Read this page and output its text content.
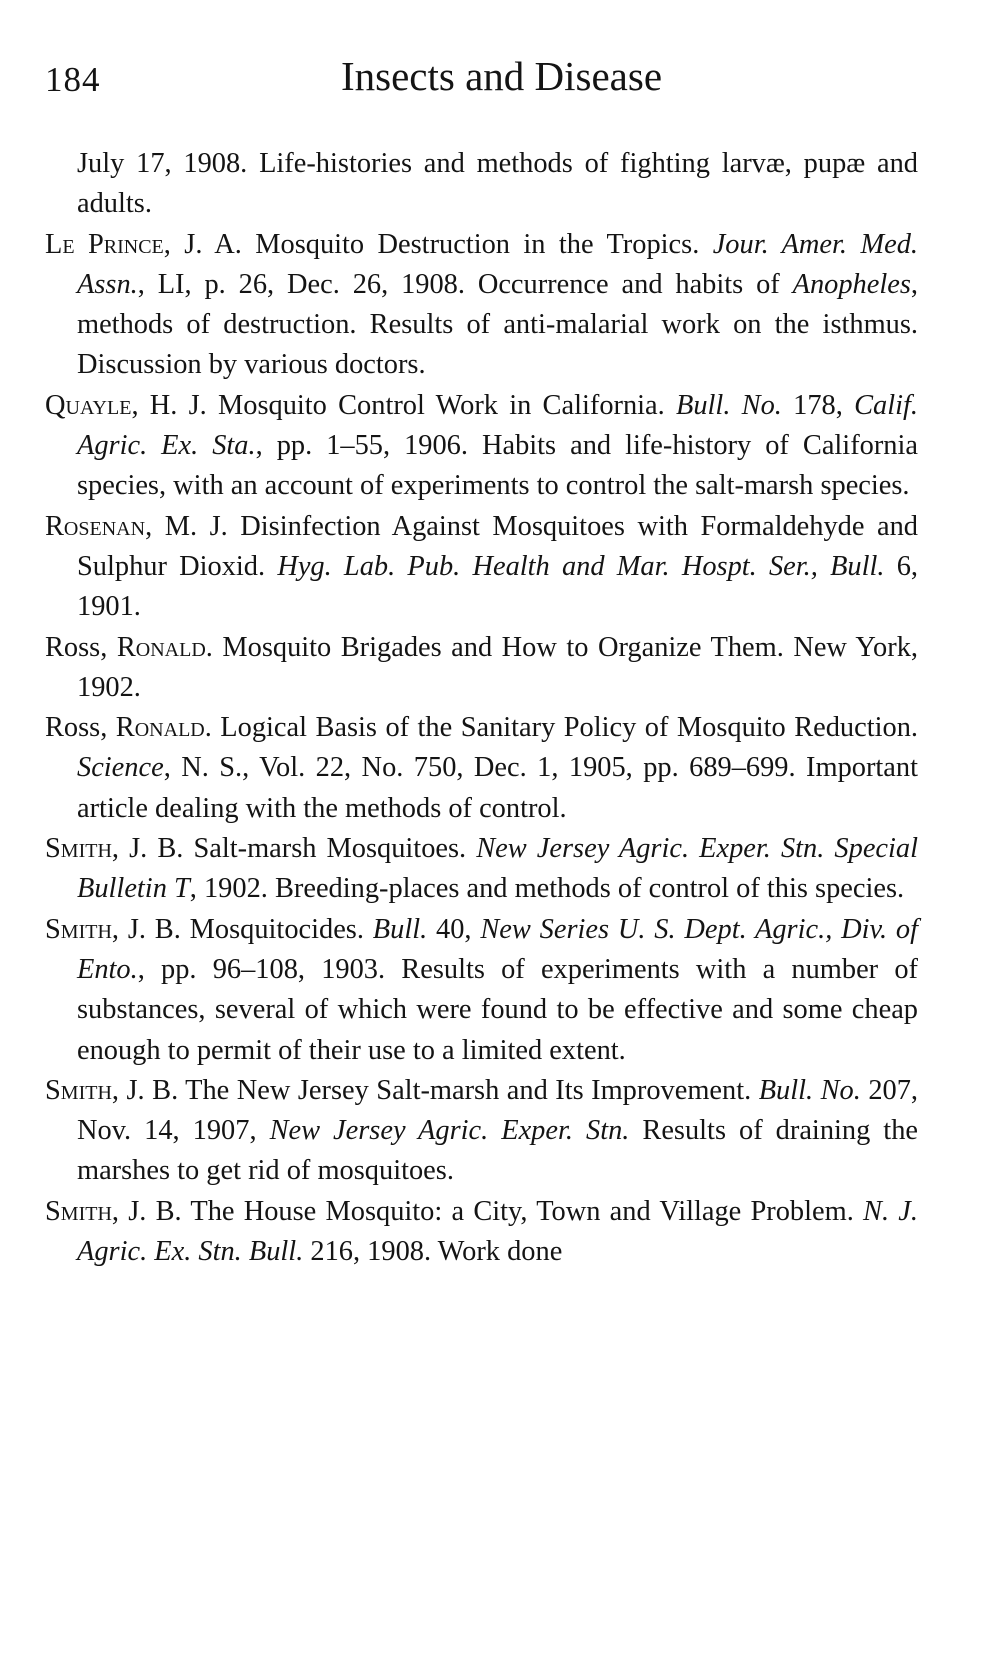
184	Insects and Disease

July 17, 1908. Life-histories and methods of fighting larvæ, pupæ and adults.

Le Prince, J. A. Mosquito Destruction in the Tropics. Jour. Amer. Med. Assn., LI, p. 26, Dec. 26, 1908. Occurrence and habits of Anopheles, methods of destruction. Results of anti-malarial work on the isthmus. Discussion by various doctors.

Quayle, H. J. Mosquito Control Work in California. Bull. No. 178, Calif. Agric. Ex. Sta., pp. 1–55, 1906. Habits and life-history of California species, with an account of experiments to control the salt-marsh species.

Rosenan, M. J. Disinfection Against Mosquitoes with Formaldehyde and Sulphur Dioxid. Hyg. Lab. Pub. Health and Mar. Hospt. Ser., Bull. 6, 1901.

Ross, Ronald. Mosquito Brigades and How to Organize Them. New York, 1902.

Ross, Ronald. Logical Basis of the Sanitary Policy of Mosquito Reduction. Science, N. S., Vol. 22, No. 750, Dec. 1, 1905, pp. 689–699. Important article dealing with the methods of control.

Smith, J. B. Salt-marsh Mosquitoes. New Jersey Agric. Exper. Stn. Special Bulletin T, 1902. Breeding-places and methods of control of this species.

Smith, J. B. Mosquitocides. Bull. 40, New Series U. S. Dept. Agric., Div. of Ento., pp. 96–108, 1903. Results of experiments with a number of substances, several of which were found to be effective and some cheap enough to permit of their use to a limited extent.

Smith, J. B. The New Jersey Salt-marsh and Its Improvement. Bull. No. 207, Nov. 14, 1907, New Jersey Agric. Exper. Stn. Results of draining the marshes to get rid of mosquitoes.

Smith, J. B. The House Mosquito: a City, Town and Village Problem. N. J. Agric. Ex. Stn. Bull. 216, 1908. Work done
